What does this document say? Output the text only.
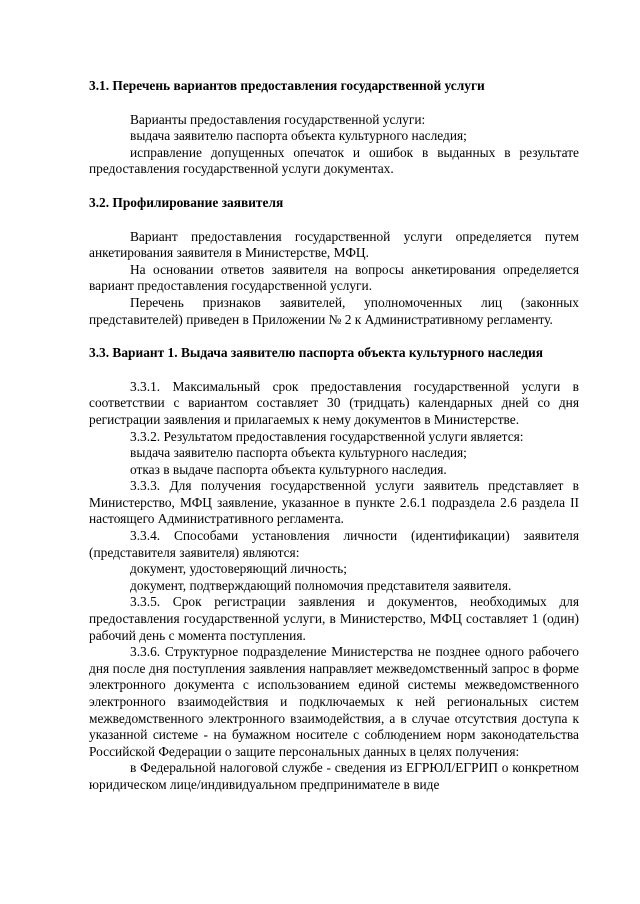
3.1. Перечень вариантов предоставления государственной услуги

Варианты предоставления государственной услуги:

выдача заявителю паспорта объекта культурного наследия;

исправление допущенных опечаток и ошибок в выданных в результате предоставления государственной услуги документах.

3.2. Профилирование заявителя

Вариант предоставления государственной услуги определяется путем анкетирования заявителя в Министерстве, МФЦ.

На основании ответов заявителя на вопросы анкетирования определяется вариант предоставления государственной услуги.

Перечень признаков заявителей, уполномоченных лиц (законных представителей) приведен в Приложении № 2 к Административному регламенту.

3.3. Вариант 1. Выдача заявителю паспорта объекта культурного наследия

3.3.1. Максимальный срок предоставления государственной услуги в соответствии с вариантом составляет 30 (тридцать) календарных дней со дня регистрации заявления и прилагаемых к нему документов в Министерстве.

3.3.2. Результатом предоставления государственной услуги является:

выдача заявителю паспорта объекта культурного наследия;

отказ в выдаче паспорта объекта культурного наследия.

3.3.3. Для получения государственной услуги заявитель представляет в Министерство, МФЦ заявление, указанное в пункте 2.6.1 подраздела 2.6 раздела II настоящего Административного регламента.

3.3.4. Способами установления личности (идентификации) заявителя (представителя заявителя) являются:

документ, удостоверяющий личность;

документ, подтверждающий полномочия представителя заявителя.

3.3.5. Срок регистрации заявления и документов, необходимых для предоставления государственной услуги, в Министерство, МФЦ составляет 1 (один) рабочий день с момента поступления.

3.3.6. Структурное подразделение Министерства не позднее одного рабочего дня после дня поступления заявления направляет межведомственный запрос в форме электронного документа с использованием единой системы межведомственного электронного взаимодействия и подключаемых к ней региональных систем межведомственного электронного взаимодействия, а в случае отсутствия доступа к указанной системе - на бумажном носителе с соблюдением норм законодательства Российской Федерации о защите персональных данных в целях получения:

в Федеральной налоговой службе - сведения из ЕГРЮЛ/ЕГРИП о конкретном юридическом лице/индивидуальном предпринимателе в виде
